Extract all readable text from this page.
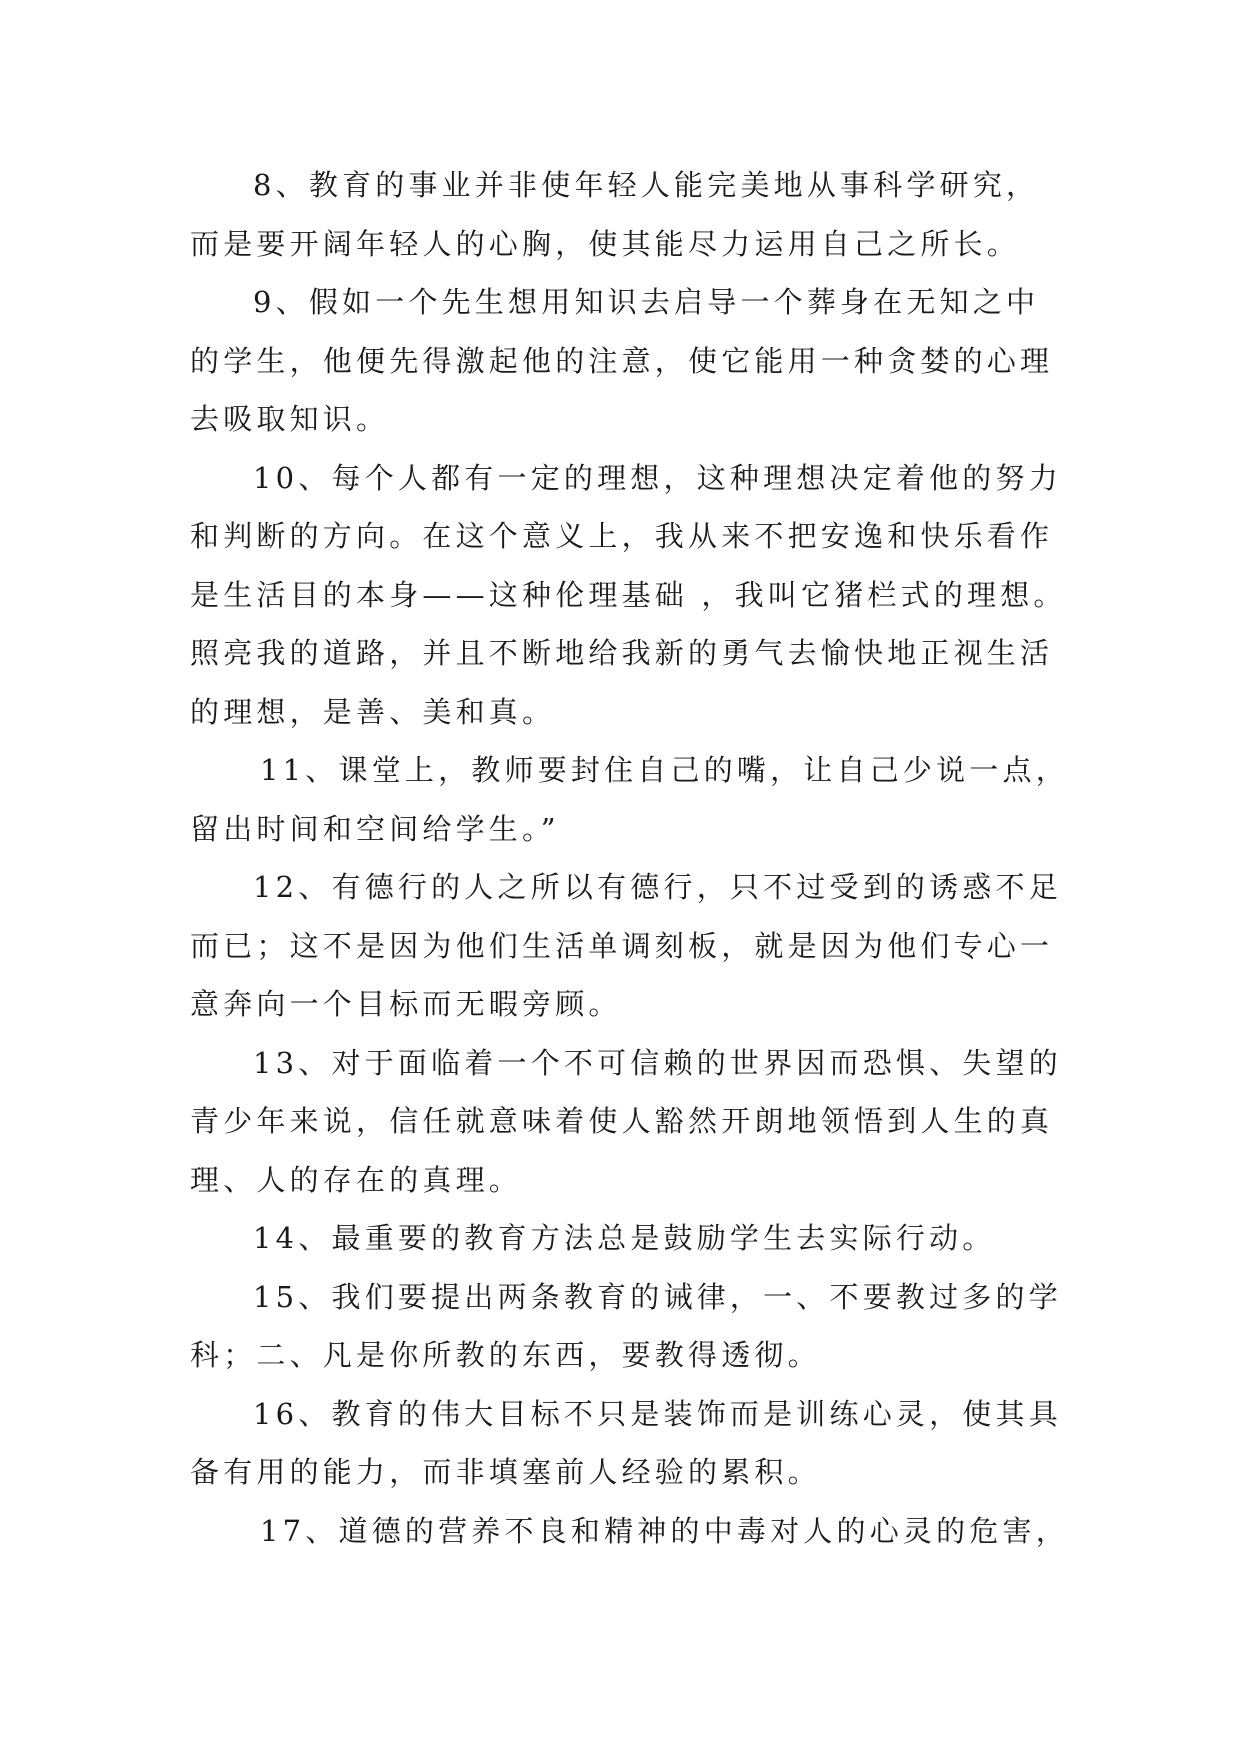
8、教育的事业并非使年轻人能完美地从事科学研究，
而是要开阔年轻人的心胸，使其能尽力运用自己之所长。
9、假如一个先生想用知识去启导一个葬身在无知之中
的学生，他便先得激起他的注意，使它能用一种贪婪的心理
去吸取知识。
10、每个人都有一定的理想，这种理想决定着他的努力
和判断的方向。在这个意义上，我从来不把安逸和快乐看作
是生活目的本身——这种伦理基础 ，我叫它猪栏式的理想。
照亮我的道路，并且不断地给我新的勇气去愉快地正视生活
的理想，是善、美和真。
11、课堂上，教师要封住自己的嘴，让自己少说一点，
留出时间和空间给学生。”
12、有德行的人之所以有德行，只不过受到的诱惑不足
而已；这不是因为他们生活单调刻板，就是因为他们专心一
意奔向一个目标而无暇旁顾。
13、对于面临着一个不可信赖的世界因而恐惧、失望的
青少年来说，信任就意味着使人豁然开朗地领悟到人生的真
理、人的存在的真理。
14、最重要的教育方法总是鼓励学生去实际行动。
15、我们要提出两条教育的诫律，一、不要教过多的学
科；二、凡是你所教的东西，要教得透彻。
16、教育的伟大目标不只是装饰而是训练心灵，使其具
备有用的能力，而非填塞前人经验的累积。
17、道德的营养不良和精神的中毒对人的心灵的危害，
